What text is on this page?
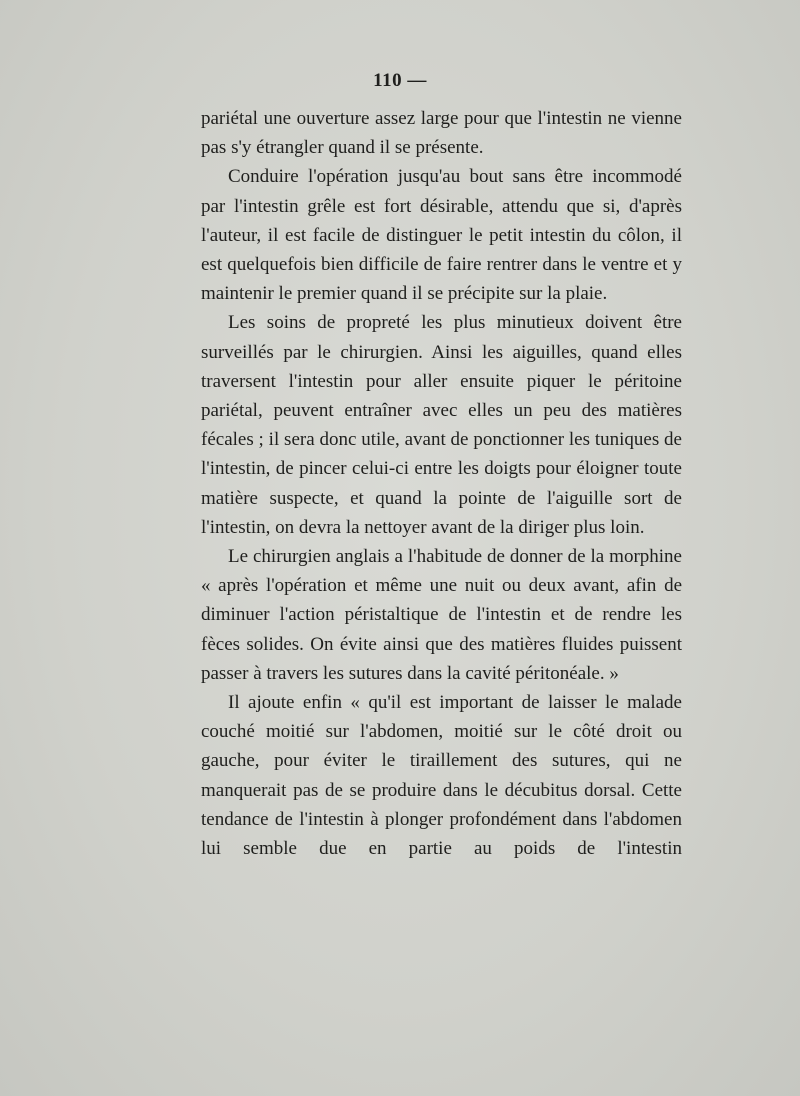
110 —

pariétal une ouverture assez large pour que l'intestin ne vienne pas s'y étrangler quand il se présente.

Conduire l'opération jusqu'au bout sans être incommodé par l'intestin grêle est fort désirable, attendu que si, d'après l'auteur, il est facile de distinguer le petit intestin du côlon, il est quelquefois bien difficile de faire rentrer dans le ventre et y maintenir le premier quand il se précipite sur la plaie.

Les soins de propreté les plus minutieux doivent être surveillés par le chirurgien. Ainsi les aiguilles, quand elles traversent l'intestin pour aller ensuite piquer le péritoine pariétal, peuvent entraîner avec elles un peu des matières fécales ; il sera donc utile, avant de ponctionner les tuniques de l'intestin, de pincer celui-ci entre les doigts pour éloigner toute matière suspecte, et quand la pointe de l'aiguille sort de l'intestin, on devra la nettoyer avant de la diriger plus loin.

Le chirurgien anglais a l'habitude de donner de la morphine « après l'opération et même une nuit ou deux avant, afin de diminuer l'action péristaltique de l'intestin et de rendre les fèces solides. On évite ainsi que des matières fluides puissent passer à travers les sutures dans la cavité péritonéale. »

Il ajoute enfin « qu'il est important de laisser le malade couché moitié sur l'abdomen, moitié sur le côté droit ou gauche, pour éviter le tiraillement des sutures, qui ne manquerait pas de se produire dans le décubitus dorsal. Cette tendance de l'intestin à plonger profondément dans l'abdomen lui semble due en partie au poids de l'intestin
